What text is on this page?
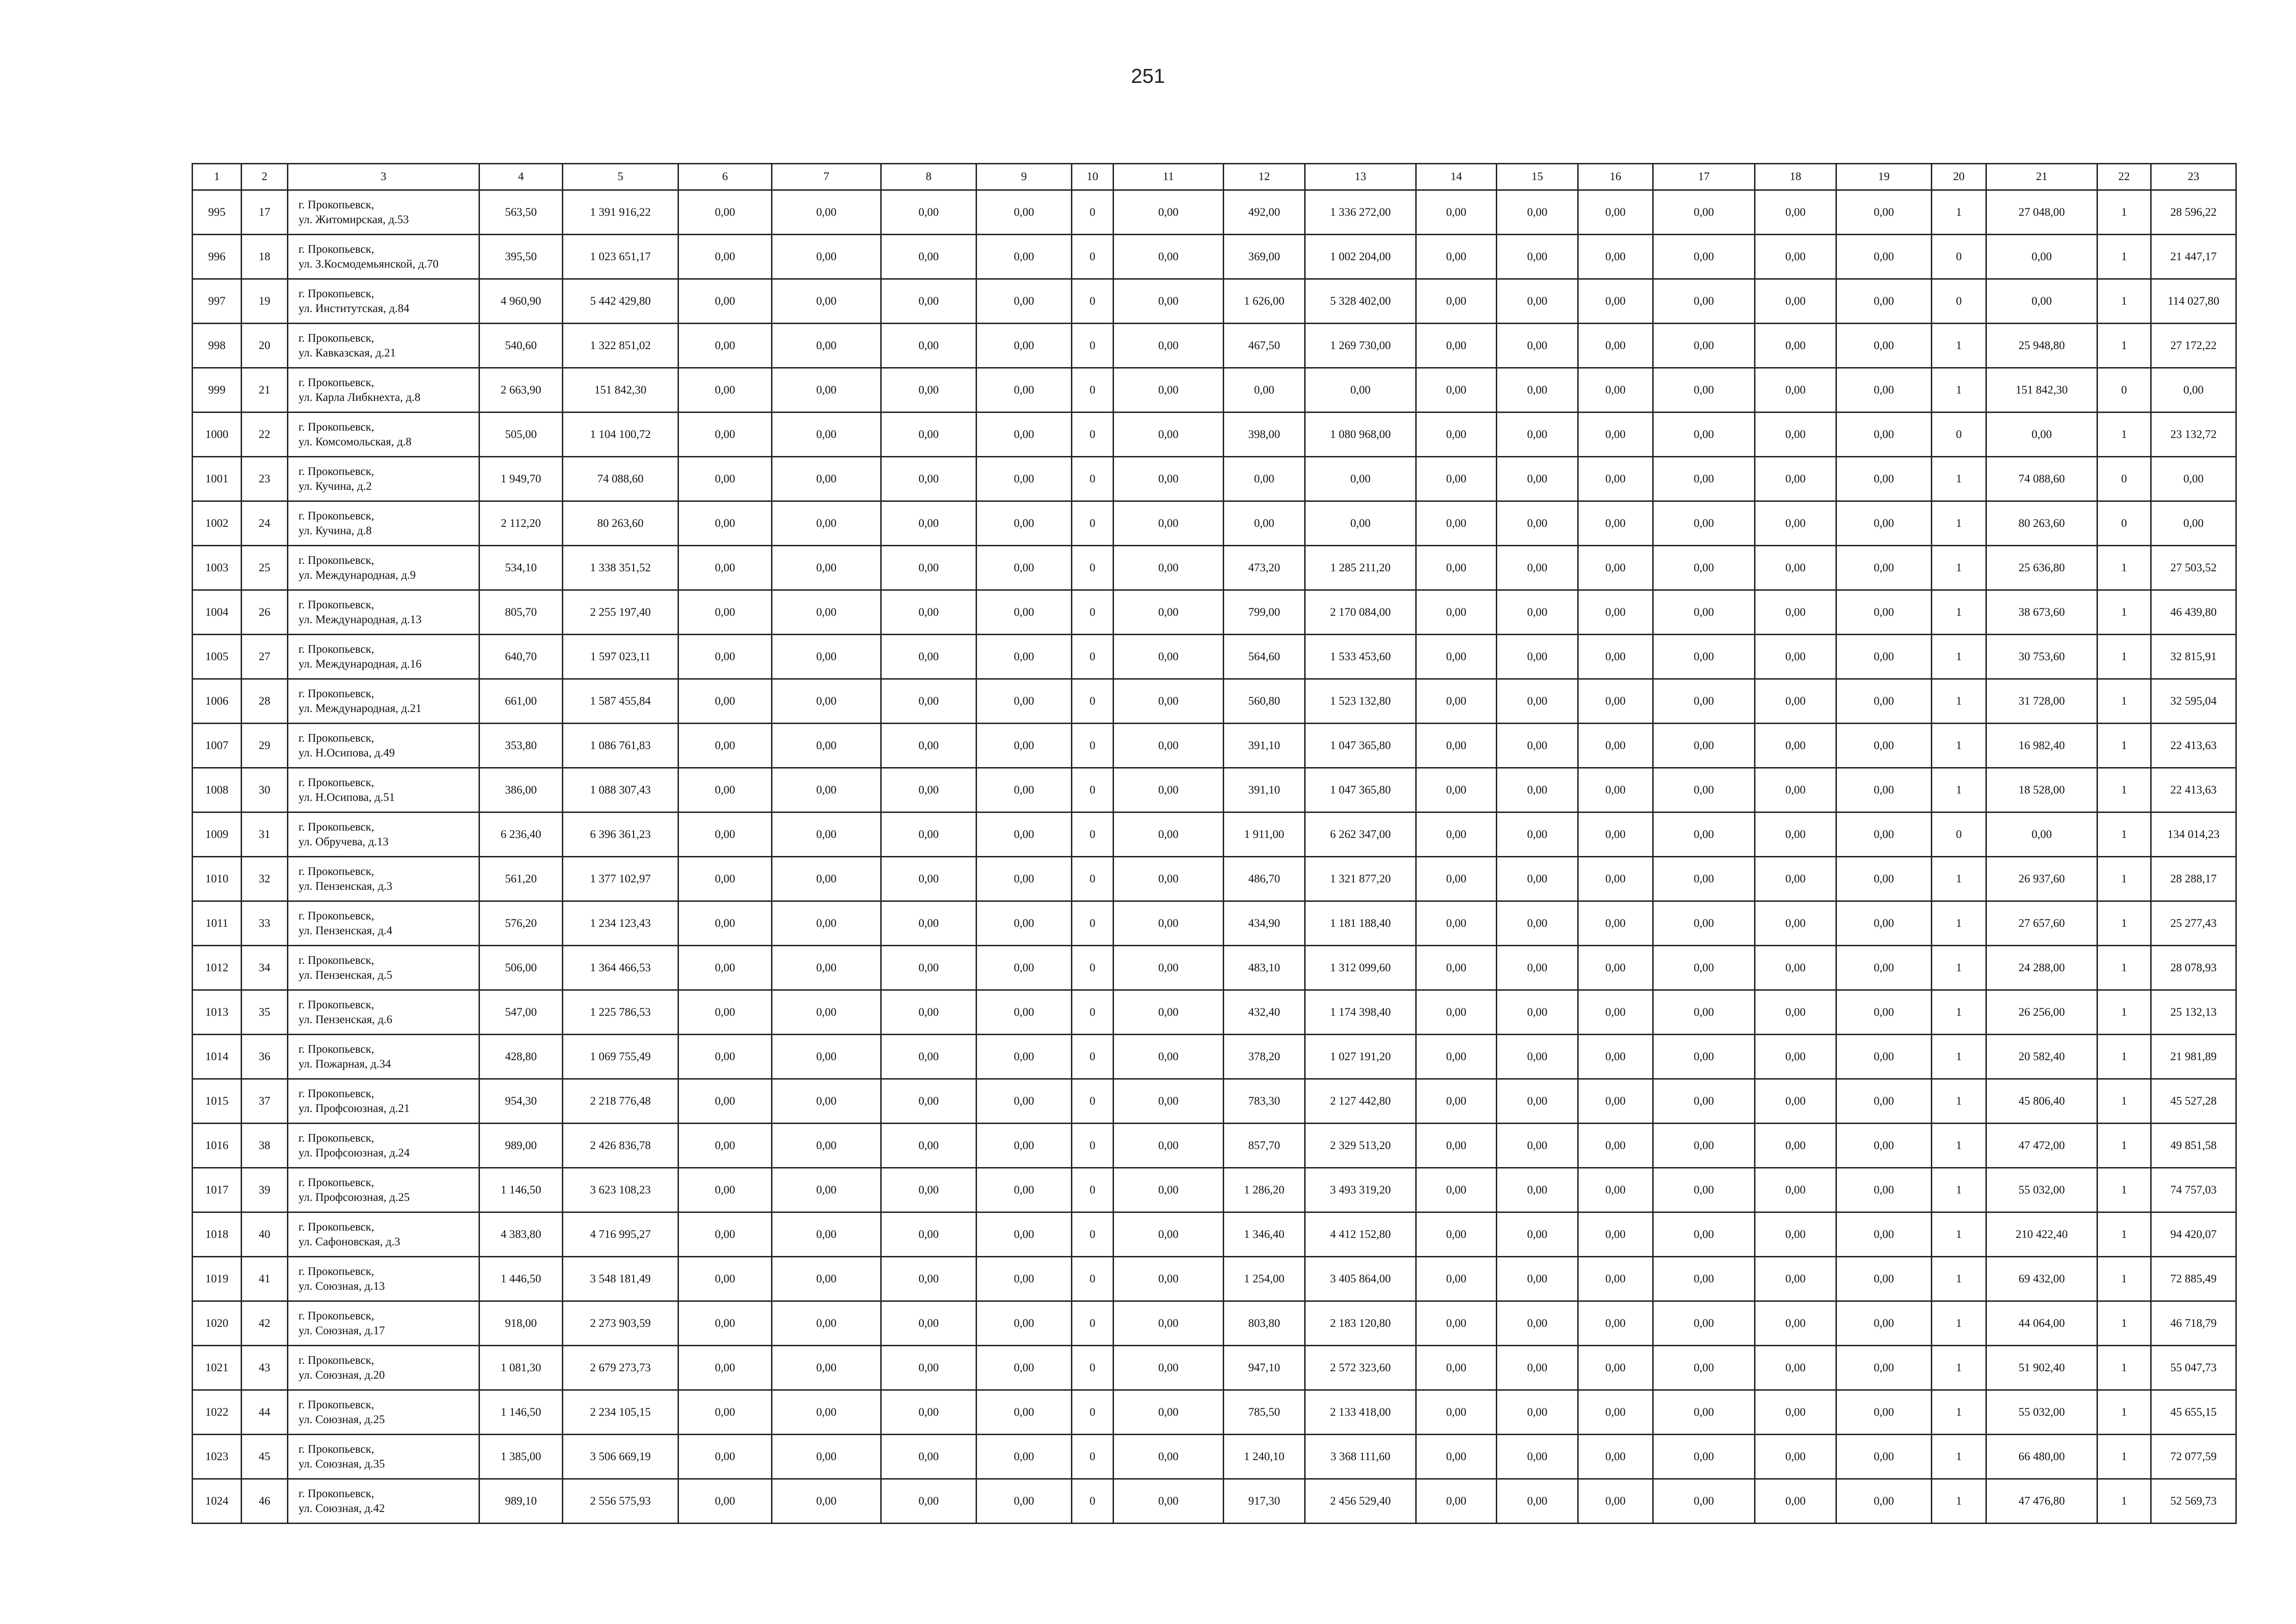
251
1	2	3	4	5	6	7	8	9	10	11	12	13	14	15	16	17	18	19	20	21	22	23
995	17	г. Прокопьевск,
ул. Житомирская, д.53	563,50	1 391 916,22	0,00	0,00	0,00	0,00	0	0,00	492,00	1 336 272,00	0,00	0,00	0,00	0,00	0,00	0,00	1	27 048,00	1	28 596,22
996	18	г. Прокопьевск,
ул. З.Космодемьянской, д.70	395,50	1 023 651,17	0,00	0,00	0,00	0,00	0	0,00	369,00	1 002 204,00	0,00	0,00	0,00	0,00	0,00	0,00	0	0,00	1	21 447,17
997	19	г. Прокопьевск,
ул. Институтская, д.84	4 960,90	5 442 429,80	0,00	0,00	0,00	0,00	0	0,00	1 626,00	5 328 402,00	0,00	0,00	0,00	0,00	0,00	0,00	0	0,00	1	114 027,80
998	20	г. Прокопьевск,
ул. Кавказская, д.21	540,60	1 322 851,02	0,00	0,00	0,00	0,00	0	0,00	467,50	1 269 730,00	0,00	0,00	0,00	0,00	0,00	0,00	1	25 948,80	1	27 172,22
999	21	г. Прокопьевск,
ул. Карла Либкнехта, д.8	2 663,90	151 842,30	0,00	0,00	0,00	0,00	0	0,00	0,00	0,00	0,00	0,00	0,00	0,00	0,00	0,00	1	151 842,30	0	0,00
1000	22	г. Прокопьевск,
ул. Комсомольская, д.8	505,00	1 104 100,72	0,00	0,00	0,00	0,00	0	0,00	398,00	1 080 968,00	0,00	0,00	0,00	0,00	0,00	0,00	0	0,00	1	23 132,72
1001	23	г. Прокопьевск,
ул. Кучина, д.2	1 949,70	74 088,60	0,00	0,00	0,00	0,00	0	0,00	0,00	0,00	0,00	0,00	0,00	0,00	0,00	0,00	1	74 088,60	0	0,00
1002	24	г. Прокопьевск,
ул. Кучина, д.8	2 112,20	80 263,60	0,00	0,00	0,00	0,00	0	0,00	0,00	0,00	0,00	0,00	0,00	0,00	0,00	0,00	1	80 263,60	0	0,00
1003	25	г. Прокопьевск,
ул. Международная, д.9	534,10	1 338 351,52	0,00	0,00	0,00	0,00	0	0,00	473,20	1 285 211,20	0,00	0,00	0,00	0,00	0,00	0,00	1	25 636,80	1	27 503,52
1004	26	г. Прокопьевск,
ул. Международная, д.13	805,70	2 255 197,40	0,00	0,00	0,00	0,00	0	0,00	799,00	2 170 084,00	0,00	0,00	0,00	0,00	0,00	0,00	1	38 673,60	1	46 439,80
1005	27	г. Прокопьевск,
ул. Международная, д.16	640,70	1 597 023,11	0,00	0,00	0,00	0,00	0	0,00	564,60	1 533 453,60	0,00	0,00	0,00	0,00	0,00	0,00	1	30 753,60	1	32 815,91
1006	28	г. Прокопьевск,
ул. Международная, д.21	661,00	1 587 455,84	0,00	0,00	0,00	0,00	0	0,00	560,80	1 523 132,80	0,00	0,00	0,00	0,00	0,00	0,00	1	31 728,00	1	32 595,04
1007	29	г. Прокопьевск,
ул. Н.Осипова, д.49	353,80	1 086 761,83	0,00	0,00	0,00	0,00	0	0,00	391,10	1 047 365,80	0,00	0,00	0,00	0,00	0,00	0,00	1	16 982,40	1	22 413,63
1008	30	г. Прокопьевск,
ул. Н.Осипова, д.51	386,00	1 088 307,43	0,00	0,00	0,00	0,00	0	0,00	391,10	1 047 365,80	0,00	0,00	0,00	0,00	0,00	0,00	1	18 528,00	1	22 413,63
1009	31	г. Прокопьевск,
ул. Обручева, д.13	6 236,40	6 396 361,23	0,00	0,00	0,00	0,00	0	0,00	1 911,00	6 262 347,00	0,00	0,00	0,00	0,00	0,00	0,00	0	0,00	1	134 014,23
1010	32	г. Прокопьевск,
ул. Пензенская, д.3	561,20	1 377 102,97	0,00	0,00	0,00	0,00	0	0,00	486,70	1 321 877,20	0,00	0,00	0,00	0,00	0,00	0,00	1	26 937,60	1	28 288,17
1011	33	г. Прокопьевск,
ул. Пензенская, д.4	576,20	1 234 123,43	0,00	0,00	0,00	0,00	0	0,00	434,90	1 181 188,40	0,00	0,00	0,00	0,00	0,00	0,00	1	27 657,60	1	25 277,43
1012	34	г. Прокопьевск,
ул. Пензенская, д.5	506,00	1 364 466,53	0,00	0,00	0,00	0,00	0	0,00	483,10	1 312 099,60	0,00	0,00	0,00	0,00	0,00	0,00	1	24 288,00	1	28 078,93
1013	35	г. Прокопьевск,
ул. Пензенская, д.6	547,00	1 225 786,53	0,00	0,00	0,00	0,00	0	0,00	432,40	1 174 398,40	0,00	0,00	0,00	0,00	0,00	0,00	1	26 256,00	1	25 132,13
1014	36	г. Прокопьевск,
ул. Пожарная, д.34	428,80	1 069 755,49	0,00	0,00	0,00	0,00	0	0,00	378,20	1 027 191,20	0,00	0,00	0,00	0,00	0,00	0,00	1	20 582,40	1	21 981,89
1015	37	г. Прокопьевск,
ул. Профсоюзная, д.21	954,30	2 218 776,48	0,00	0,00	0,00	0,00	0	0,00	783,30	2 127 442,80	0,00	0,00	0,00	0,00	0,00	0,00	1	45 806,40	1	45 527,28
1016	38	г. Прокопьевск,
ул. Профсоюзная, д.24	989,00	2 426 836,78	0,00	0,00	0,00	0,00	0	0,00	857,70	2 329 513,20	0,00	0,00	0,00	0,00	0,00	0,00	1	47 472,00	1	49 851,58
1017	39	г. Прокопьевск,
ул. Профсоюзная, д.25	1 146,50	3 623 108,23	0,00	0,00	0,00	0,00	0	0,00	1 286,20	3 493 319,20	0,00	0,00	0,00	0,00	0,00	0,00	1	55 032,00	1	74 757,03
1018	40	г. Прокопьевск,
ул. Сафоновская, д.3	4 383,80	4 716 995,27	0,00	0,00	0,00	0,00	0	0,00	1 346,40	4 412 152,80	0,00	0,00	0,00	0,00	0,00	0,00	1	210 422,40	1	94 420,07
1019	41	г. Прокопьевск,
ул. Союзная, д.13	1 446,50	3 548 181,49	0,00	0,00	0,00	0,00	0	0,00	1 254,00	3 405 864,00	0,00	0,00	0,00	0,00	0,00	0,00	1	69 432,00	1	72 885,49
1020	42	г. Прокопьевск,
ул. Союзная, д.17	918,00	2 273 903,59	0,00	0,00	0,00	0,00	0	0,00	803,80	2 183 120,80	0,00	0,00	0,00	0,00	0,00	0,00	1	44 064,00	1	46 718,79
1021	43	г. Прокопьевск,
ул. Союзная, д.20	1 081,30	2 679 273,73	0,00	0,00	0,00	0,00	0	0,00	947,10	2 572 323,60	0,00	0,00	0,00	0,00	0,00	0,00	1	51 902,40	1	55 047,73
1022	44	г. Прокопьевск,
ул. Союзная, д.25	1 146,50	2 234 105,15	0,00	0,00	0,00	0,00	0	0,00	785,50	2 133 418,00	0,00	0,00	0,00	0,00	0,00	0,00	1	55 032,00	1	45 655,15
1023	45	г. Прокопьевск,
ул. Союзная, д.35	1 385,00	3 506 669,19	0,00	0,00	0,00	0,00	0	0,00	1 240,10	3 368 111,60	0,00	0,00	0,00	0,00	0,00	0,00	1	66 480,00	1	72 077,59
1024	46	г. Прокопьевск,
ул. Союзная, д.42	989,10	2 556 575,93	0,00	0,00	0,00	0,00	0	0,00	917,30	2 456 529,40	0,00	0,00	0,00	0,00	0,00	0,00	1	47 476,80	1	52 569,73
